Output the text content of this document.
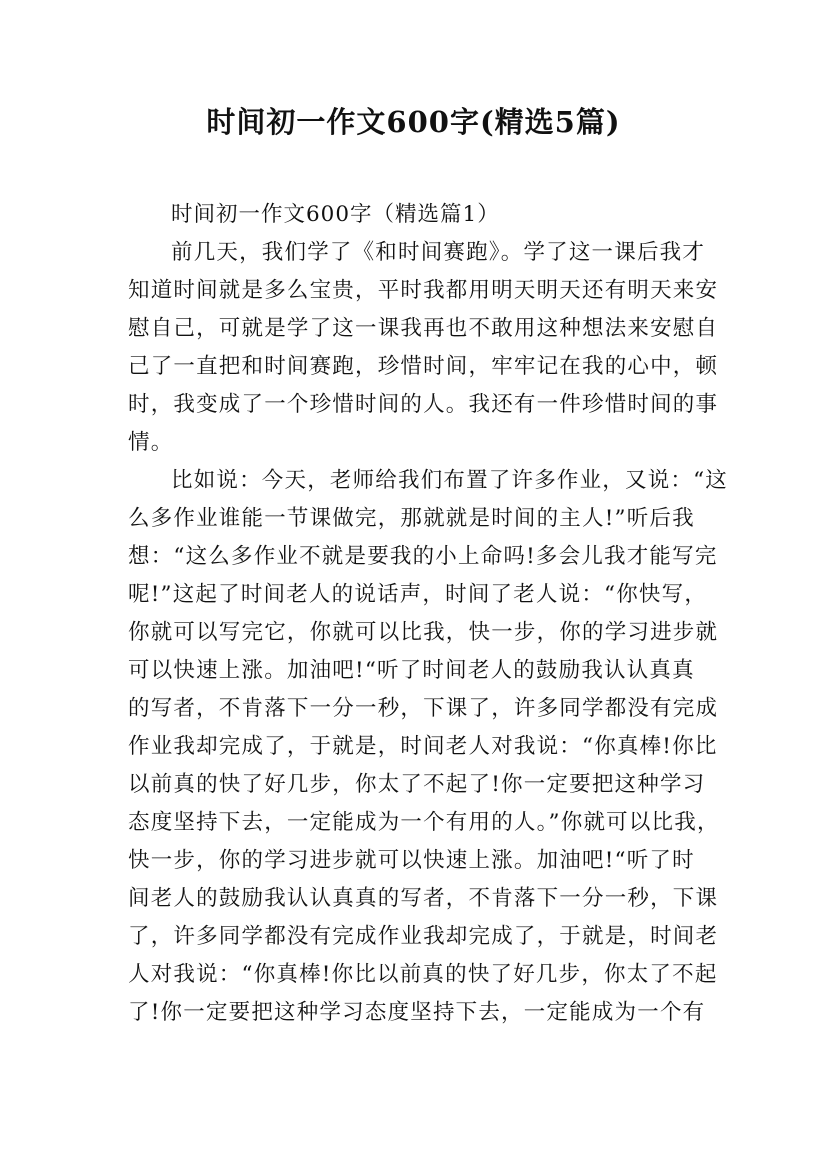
时间初一作文600字(精选5篇)
时间初一作文600字（精选篇1）

前几天，我们学了《和时间赛跑》。学了这一课后我才
知道时间就是多么宝贵，平时我都用明天明天还有明天来安
慰自己，可就是学了这一课我再也不敢用这种想法来安慰自
己了一直把和时间赛跑，珍惜时间，牢牢记在我的心中，顿
时，我变成了一个珍惜时间的人。我还有一件珍惜时间的事
情。

比如说：今天，老师给我们布置了许多作业，又说：“这
么多作业谁能一节课做完，那就就是时间的主人!”听后我
想：“这么多作业不就是要我的小上命吗!多会儿我才能写完
呢!”这起了时间老人的说话声，时间了老人说：“你快写，
你就可以写完它，你就可以比我，快一步，你的学习进步就
可以快速上涨。加油吧!“听了时间老人的鼓励我认认真真
的写者，不肯落下一分一秒，下课了，许多同学都没有完成
作业我却完成了，于就是，时间老人对我说：“你真棒!你比
以前真的快了好几步，你太了不起了!你一定要把这种学习
态度坚持下去，一定能成为一个有用的人。”你就可以比我，
快一步，你的学习进步就可以快速上涨。加油吧!“听了时
间老人的鼓励我认认真真的写者，不肯落下一分一秒，下课
了，许多同学都没有完成作业我却完成了，于就是，时间老
人对我说：“你真棒!你比以前真的快了好几步，你太了不起
了!你一定要把这种学习态度坚持下去，一定能成为一个有
